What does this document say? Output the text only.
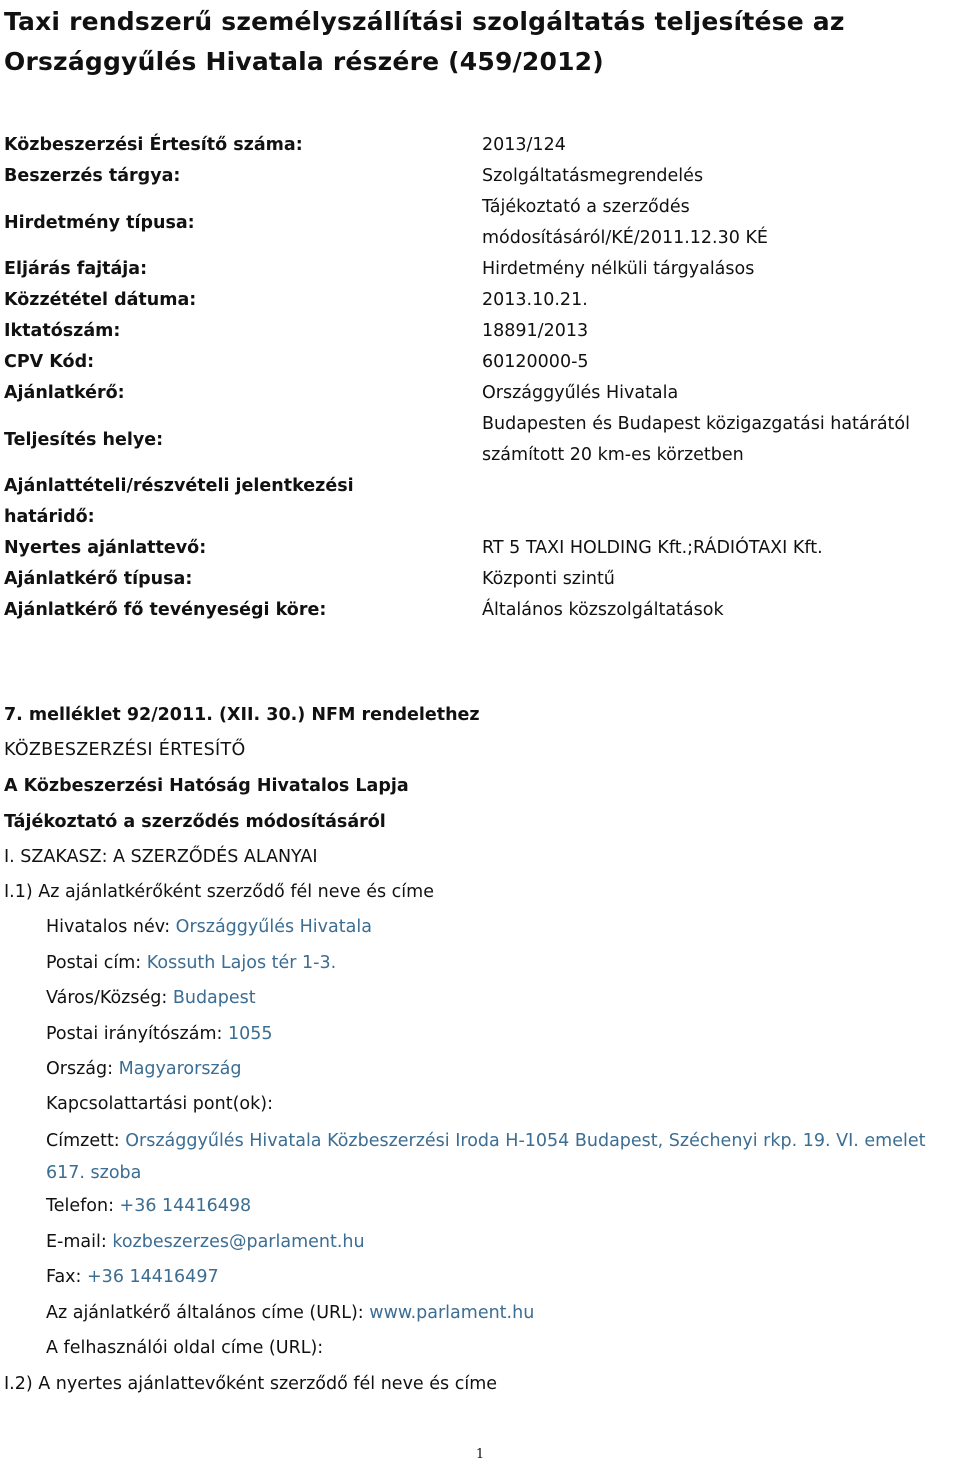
Taxi rendszerű személyszállítási szolgáltatás teljesítése az Országgyűlés Hivatala részére (459/2012)
Közbeszerzési Értesítő száma:	2013/124
Beszerzés tárgya:	Szolgáltatásmegrendelés
Hirdetmény típusa:
Tájékoztató a szerződés módosításáról/KÉ/2011.12.30 KÉ
Eljárás fajtája:	Hirdetmény nélküli tárgyalásos
Közzététel dátuma:	2013.10.21.
Iktatószám:	18891/2013
CPV Kód:	60120000-5
Ajánlatkérő:	Országgyűlés Hivatala
Teljesítés helye:
Budapesten és Budapest közigazgatási határától számított 20 km-es körzetben
Ajánlattételi/részvételi jelentkezési határidő:
Nyertes ajánlattevő:	RT 5 TAXI HOLDING Kft.;RÁDIÓTAXI Kft.
Ajánlatkérő típusa:	Központi szintű
Ajánlatkérő fő tevényeségi köre:	Általános közszolgáltatások
7. melléklet 92/2011. (XII. 30.) NFM rendelethez
KÖZBESZERZÉSI ÉRTESÍTŐ
A Közbeszerzési Hatóság Hivatalos Lapja
Tájékoztató a szerződés módosításáról
I. SZAKASZ: A SZERZŐDÉS ALANYAI
I.1) Az ajánlatkérőként szerződő fél neve és címe
Hivatalos név: Országgyűlés Hivatala
Postai cím: Kossuth Lajos tér 1-3.
Város/Község: Budapest
Postai irányítószám: 1055
Ország: Magyarország
Kapcsolattartási pont(ok):
Címzett: Országgyűlés Hivatala Közbeszerzési Iroda H-1054 Budapest, Széchenyi rkp. 19. VI. emelet 617. szoba
Telefon: +36 14416498
E-mail: kozbeszerzes@parlament.hu
Fax: +36 14416497
Az ajánlatkérő általános címe (URL): www.parlament.hu
A felhasználói oldal címe (URL):
I.2) A nyertes ajánlattevőként szerződő fél neve és címe
1
